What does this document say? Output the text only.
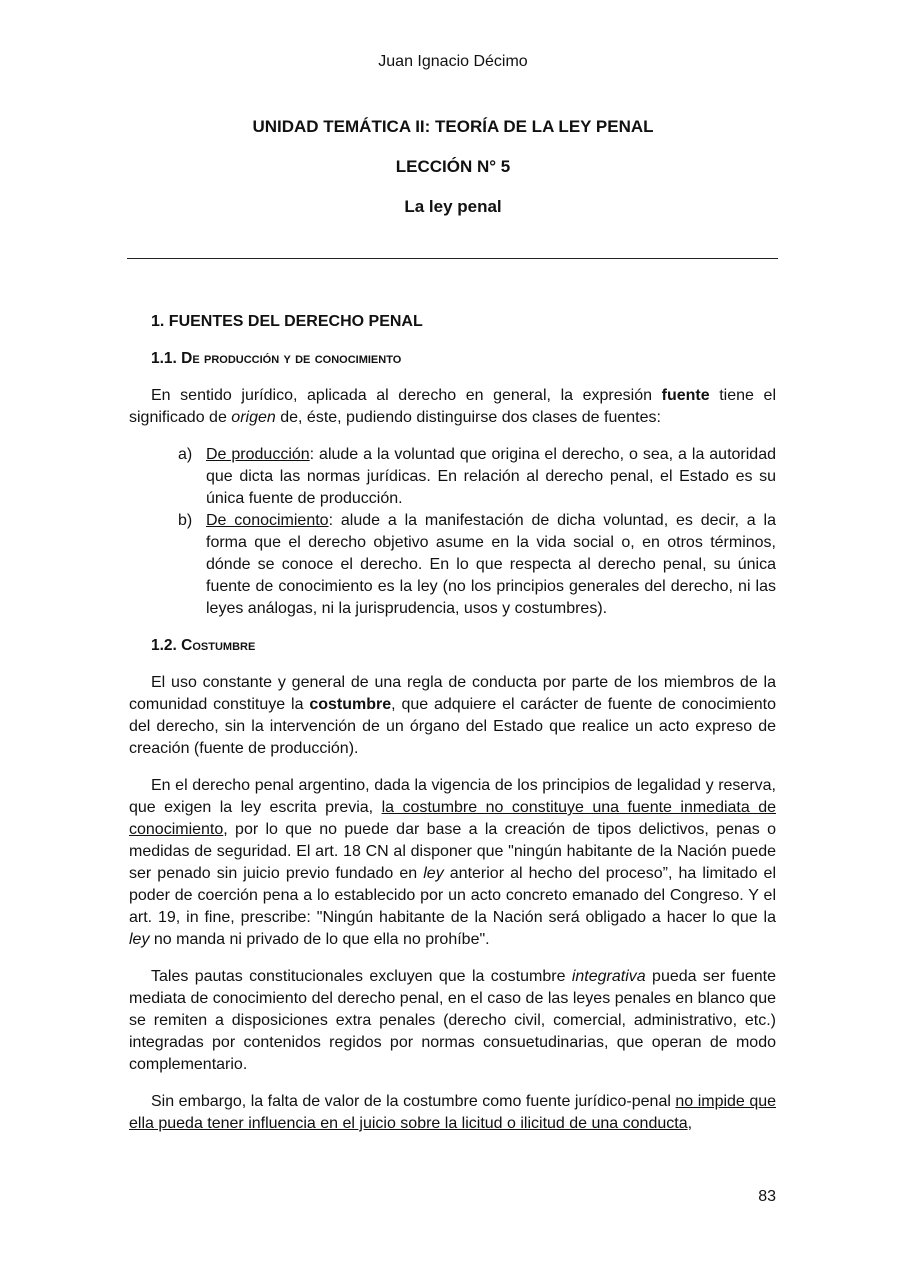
Juan Ignacio Décimo
UNIDAD TEMÁTICA II: TEORÍA DE LA LEY PENAL
LECCIÓN N° 5
La ley penal
1. FUENTES DEL DERECHO PENAL
1.1. De producción y de conocimiento
En sentido jurídico, aplicada al derecho en general, la expresión fuente tiene el significado de origen de, éste, pudiendo distinguirse dos clases de fuentes:
a) De producción: alude a la voluntad que origina el derecho, o sea, a la autoridad que dicta las normas jurídicas. En relación al derecho penal, el Estado es su única fuente de producción.
b) De conocimiento: alude a la manifestación de dicha voluntad, es decir, a la forma que el derecho objetivo asume en la vida social o, en otros términos, dónde se conoce el derecho. En lo que respecta al derecho penal, su única fuente de conocimiento es la ley (no los principios generales del derecho, ni las leyes análogas, ni la jurisprudencia, usos y costumbres).
1.2. Costumbre
El uso constante y general de una regla de conducta por parte de los miembros de la comunidad constituye la costumbre, que adquiere el carácter de fuente de conocimiento del derecho, sin la intervención de un órgano del Estado que realice un acto expreso de creación (fuente de producción).
En el derecho penal argentino, dada la vigencia de los principios de legalidad y reserva, que exigen la ley escrita previa, la costumbre no constituye una fuente inmediata de conocimiento, por lo que no puede dar base a la creación de tipos delictivos, penas o medidas de seguridad. El art. 18 CN al disponer que "ningún habitante de la Nación puede ser penado sin juicio previo fundado en ley anterior al hecho del proceso”, ha limitado el poder de coerción pena a lo establecido por un acto concreto emanado del Congreso. Y el art. 19, in fine, prescribe: "Ningún habitante de la Nación será obligado a hacer lo que la ley no manda ni privado de lo que ella no prohíbe".
Tales pautas constitucionales excluyen que la costumbre integrativa pueda ser fuente mediata de conocimiento del derecho penal, en el caso de las leyes penales en blanco que se remiten a disposiciones extra penales (derecho civil, comercial, administrativo, etc.) integradas por contenidos regidos por normas consuetudinarias, que operan de modo complementario.
Sin embargo, la falta de valor de la costumbre como fuente jurídico-penal no impide que ella pueda tener influencia en el juicio sobre la licitud o ilicitud de una conducta,
83
